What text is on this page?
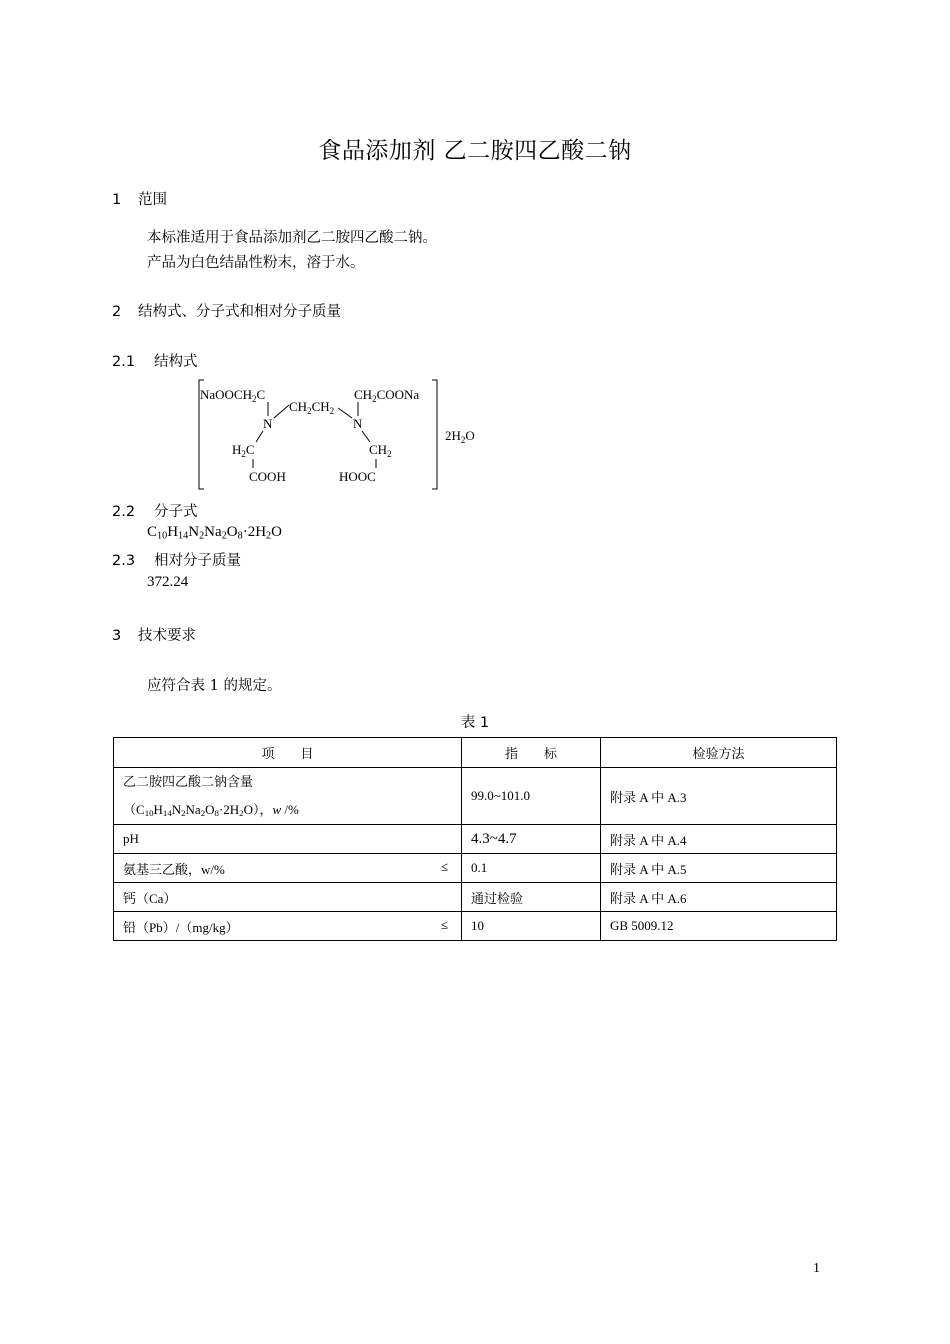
食品添加剂 乙二胺四乙酸二钠
1 范围
本标准适用于食品添加剂乙二胺四乙酸二钠。
产品为白色结晶性粉末，溶于水。
2 结构式、分子式和相对分子质量
2.1 结构式
NaOOCH$_2$C	$CH_2COONa$
$CH_2CH_2$
N	N
$H_2C$	$CH_2$
COOH	HOOC
$2H_2O$
2.2 分子式
$C_{10}H_{14}N_2Na_2O_8\cdot 2H_2O$
2.3 相对分子质量
372.24
3 技术要求
应符合表 1 的规定。
表 1
项　　目	指　　标	检验方法

乙二胺四乙酸二钠含量
$(C_{10}H_{14}N_2Na_2O_8\cdot 2H_2O)$，w /%	99.0~101.0	附录 A 中 A.3
pH	4.3~4.7	附录 A 中 A.4
氨基三乙酸，w/% ≤	0.1	附录 A 中 A.5
钙（Ca）	通过检验	附录 A 中 A.6
铅（Pb）/（mg/kg） ≤	10	GB 5009.12
1
